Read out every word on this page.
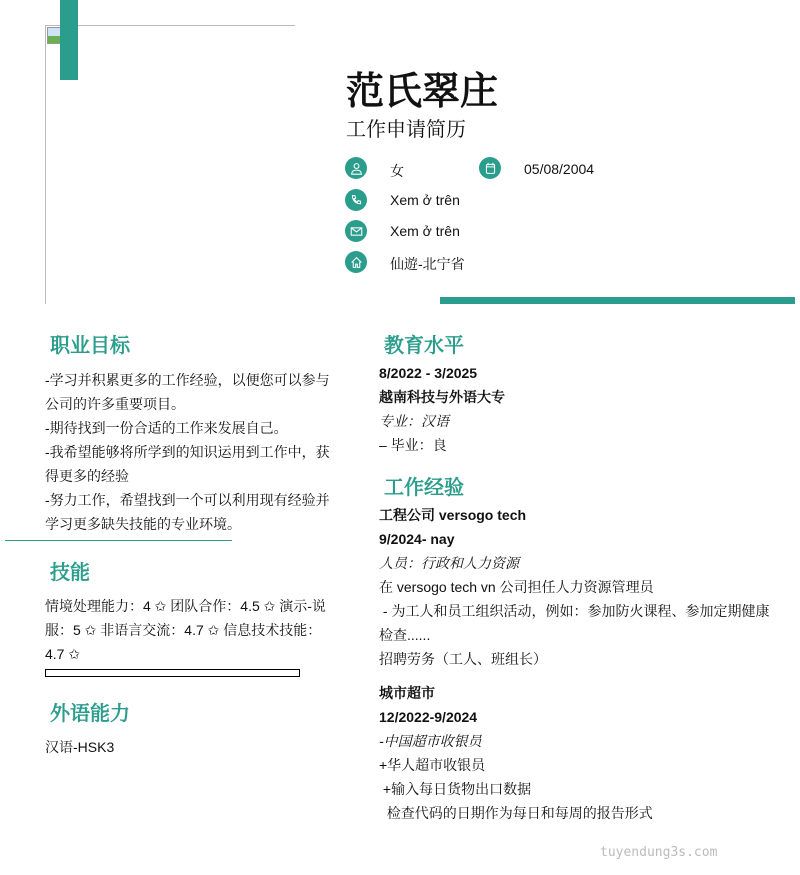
范氏翠庄
工作申请简历
女	05/08/2004
Xem ở trên
Xem ở trên
仙遊-北宁省
职业目标
-学习并积累更多的工作经验，以便您可以参与
公司的许多重要项目。
-期待找到一份合适的工作来发展自己。
-我希望能够将所学到的知识运用到工作中，获
得更多的经验
-努力工作，希望找到一个可以利用现有经验并
学习更多缺失技能的专业环境。
技能
情境处理能力：4 ✩ 团队合作：4.5 ✩ 演示-说
服：5 ✩ 非语言交流：4.7 ✩ 信息技术技能：
4.7 ✩
外语能力
汉语-HSK3
教育水平
8/2022 - 3/2025
越南科技与外语大专
专业：汉语
– 毕业：良
工作经验
工程公司 versogo tech
9/2024- nay
人员：行政和人力资源
在 versogo tech vn 公司担任人力资源管理员
- 为工人和员工组织活动，例如：参加防火课程、参加定期健康
检查......
招聘劳务（工人、班组长）
城市超市
12/2022-9/2024
-中国超市收银员
+华人超市收银员
+输入每日货物出口数据
检查代码的日期作为每日和每周的报告形式
tuyendung3s.com
